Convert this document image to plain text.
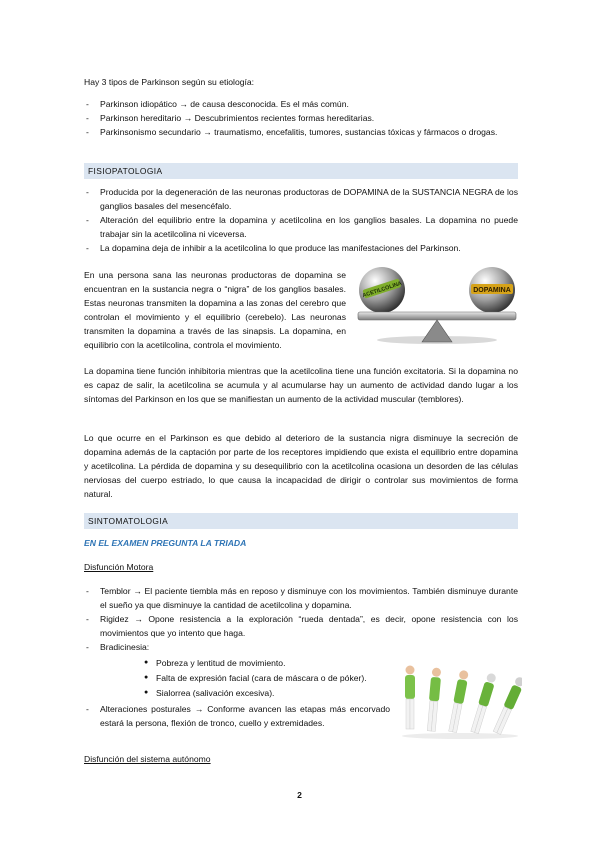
Hay 3 tipos de Parkinson según su etiología:

- Parkinson idiopático → de causa desconocida. Es el más común.
- Parkinson hereditario → Descubrimientos recientes formas hereditarias.
- Parkinsonismo secundario → traumatismo, encefalitis, tumores, sustancias tóxicas y fármacos o drogas.
FISIOPATOLOGIA
- Producida por la degeneración de las neuronas productoras de DOPAMINA de la SUSTANCIA NEGRA de los ganglios basales del mesencéfalo.
- Alteración del equilibrio entre la dopamina y acetilcolina en los ganglios basales. La dopamina no puede trabajar sin la acetilcolina ni viceversa.
- La dopamina deja de inhibir a la acetilcolina lo que produce las manifestaciones del Parkinson.

En una persona sana las neuronas productoras de dopamina se encuentran en la sustancia negra o “nigra” de los ganglios basales. Estas neuronas transmiten la dopamina a las zonas del cerebro que controlan el movimiento y el equilibrio (cerebelo). Las neuronas transmiten la dopamina a través de las sinapsis. La dopamina, en equilibrio con la acetilcolina, controla el movimiento.

ACETILCOLINA	DOPAMINA

La dopamina tiene función inhibitoria mientras que la acetilcolina tiene una función excitatoria. Si la dopamina no es capaz de salir, la acetilcolina se acumula y al acumularse hay un aumento de actividad dando lugar a los síntomas del Parkinson en los que se manifiestan un aumento de la actividad muscular (temblores).

Lo que ocurre en el Parkinson es que debido al deterioro de la sustancia nigra disminuye la secreción de dopamina además de la captación por parte de los receptores impidiendo que exista el equilibrio entre dopamina y acetilcolina. La pérdida de dopamina y su desequilibrio con la acetilcolina ocasiona un desorden de las células nerviosas del cuerpo estriado, lo que causa la incapacidad de dirigir o controlar sus movimientos de forma natural.

SINTOMATOLOGIA

EN EL EXAMEN PREGUNTA LA TRIADA

Disfunción Motora

- Temblor → El paciente tiembla más en reposo y disminuye con los movimientos. También disminuye durante el sueño ya que disminuye la cantidad de acetilcolina y dopamina.
- Rigidez → Opone resistencia a la exploración “rueda dentada”, es decir, opone resistencia con los movimientos que yo intento que haga.
- Bradicinesia:
● Pobreza y lentitud de movimiento.
● Falta de expresión facial (cara de máscara o de póker).
● Sialorrea (salivación excesiva).
- Alteraciones posturales → Conforme avancen las etapas más encorvado estará la persona, flexión de tronco, cuello y extremidades.

Disfunción del sistema autónomo

2
